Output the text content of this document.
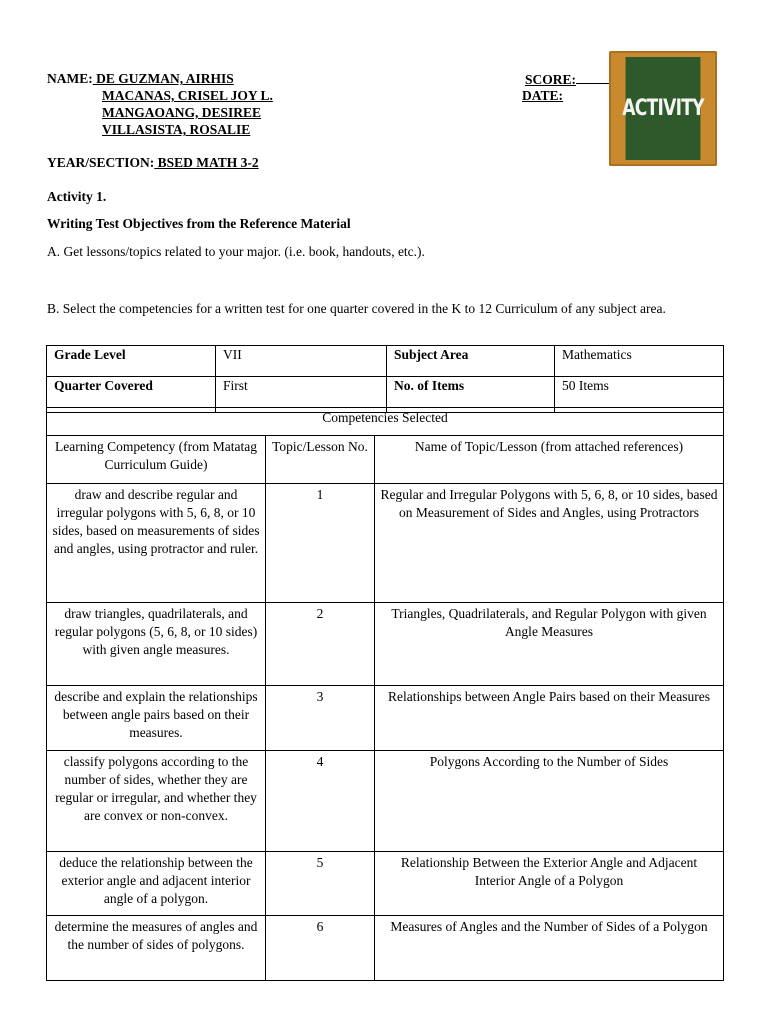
NAME: DE GUZMAN, AIRHIS
MACANAS, CRISEL JOY L.
MANGAOANG, DESIREE
VILLASISTA, ROSALIE
SCORE:
DATE:
ACTIVITY
YEAR/SECTION: BSED MATH 3-2
Activity 1.
Writing Test Objectives from the Reference Material
A. Get lessons/topics related to your major. (i.e. book, handouts, etc.).
B. Select the competencies for a written test for one quarter covered in the K to 12 Curriculum of any subject area.
Grade Level	VII	Subject Area	Mathematics
Quarter Covered	First	No. of Items	50 Items
Competencies Selected		
Learning Competency (from Matatag Curriculum Guide)	Topic/Lesson No.	Name of Topic/Lesson (from attached references)
draw and describe regular and irregular polygons with 5, 6, 8, or 10 sides, based on measurements of sides and angles, using protractor and ruler.	1	Regular and Irregular Polygons with 5, 6, 8, or 10 sides, based on Measurement of Sides and Angles, using Protractors
draw triangles, quadrilaterals, and regular polygons (5, 6, 8, or 10 sides) with given angle measures.	2	Triangles, Quadrilaterals, and Regular Polygon with given Angle Measures
describe and explain the relationships between angle pairs based on their measures.	3	Relationships between Angle Pairs based on their Measures
classify polygons according to the number of sides, whether they are regular or irregular, and whether they are convex or non-convex.	4	Polygons According to the Number of Sides
deduce the relationship between the exterior angle and adjacent interior angle of a polygon.	5	Relationship Between the Exterior Angle and Adjacent Interior Angle of a Polygon
determine the measures of angles and the number of sides of polygons.	6	Measures of Angles and the Number of Sides of a Polygon
